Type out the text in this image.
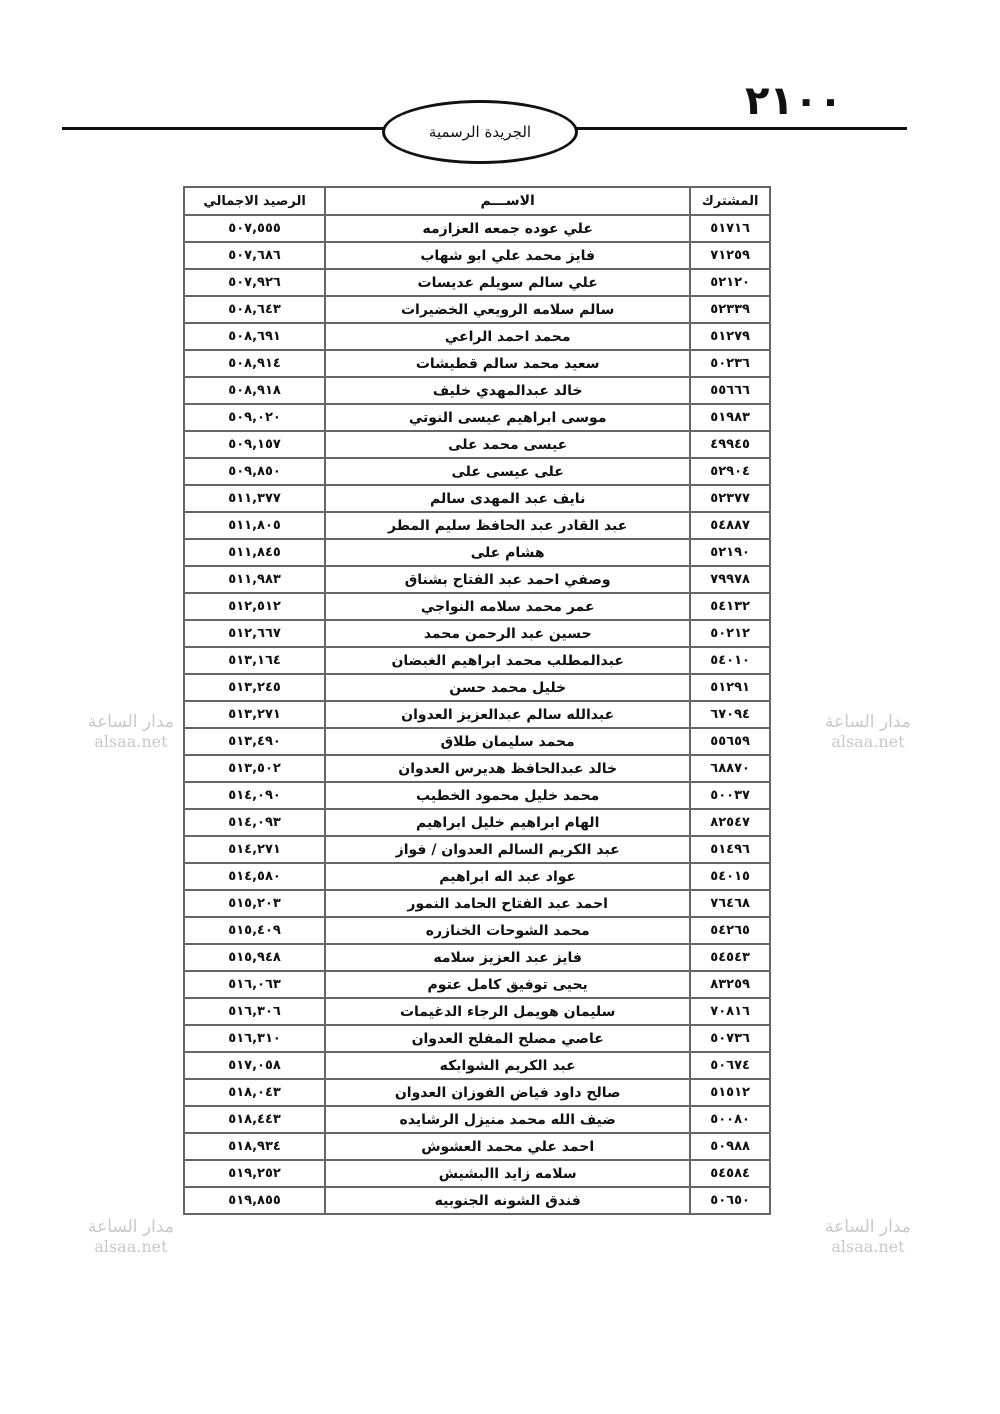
٢١٠٠
الجريدة الرسمية
المشترك	الاســـم	الرصيد الاجمالي
٥١٧١٦	علي عوده جمعه العزازمه	٥٠٧,٥٥٥
٧١٢٥٩	فايز محمد علي ابو شهاب	٥٠٧,٦٨٦
٥٢١٢٠	علي سالم سويلم عديسات	٥٠٧,٩٢٦
٥٢٣٣٩	سالم سلامه الرويعي الخضيرات	٥٠٨,٦٤٣
٥١٢٧٩	محمد احمد الراعي	٥٠٨,٦٩١
٥٠٢٣٦	سعيد محمد سالم قطيشات	٥٠٨,٩١٤
٥٥٦٦٦	خالد عبدالمهدي خليف	٥٠٨,٩١٨
٥١٩٨٣	موسى ابراهيم عيسى النوتي	٥٠٩,٠٢٠
٤٩٩٤٥	عيسى محمد على	٥٠٩,١٥٧
٥٢٩٠٤	على عيسى على	٥٠٩,٨٥٠
٥٢٣٧٧	نايف عبد المهدى سالم	٥١١,٣٧٧
٥٤٨٨٧	عبد القادر عبد الحافظ سليم المطر	٥١١,٨٠٥
٥٢١٩٠	هشام على	٥١١,٨٤٥
٧٩٩٧٨	وصفي احمد عبد الفتاح بشناق	٥١١,٩٨٣
٥٤١٣٢	عمر محمد سلامه النواجي	٥١٢,٥١٢
٥٠٢١٢	حسين عبد الرحمن محمد	٥١٢,٦٦٧
٥٤٠١٠	عبدالمطلب محمد ابراهيم الغبضان	٥١٣,١٦٤
٥١٢٩١	خليل محمد حسن	٥١٣,٢٤٥
٦٧٠٩٤	عبدالله سالم عبدالعزيز العدوان	٥١٣,٢٧١
٥٥٦٥٩	محمد سليمان طلاق	٥١٣,٤٩٠
٦٨٨٧٠	خالد عبدالحافظ هديرس العدوان	٥١٣,٥٠٢
٥٠٠٣٧	محمد خليل محمود الخطيب	٥١٤,٠٩٠
٨٢٥٤٧	الهام ابراهيم خليل ابراهيم	٥١٤,٠٩٣
٥١٤٩٦	عبد الكريم السالم العدوان / فواز	٥١٤,٢٧١
٥٤٠١٥	عواد عبد اله ابراهيم	٥١٤,٥٨٠
٧٦٤٦٨	احمد عبد الفتاح الحامد النمور	٥١٥,٢٠٣
٥٤٢٦٥	محمد الشوحات الخنازره	٥١٥,٤٠٩
٥٤٥٤٣	فايز عبد العزيز سلامه	٥١٥,٩٤٨
٨٣٢٥٩	يحيى توفيق كامل عتوم	٥١٦,٠٦٣
٧٠٨١٦	سليمان هويمل الرجاء الدغيمات	٥١٦,٣٠٦
٥٠٧٣٦	عاصي مصلح المفلح العدوان	٥١٦,٣١٠
٥٠٦٧٤	عبد الكريم الشوابكه	٥١٧,٠٥٨
٥١٥١٢	صالح داود فياض الفوزان العدوان	٥١٨,٠٤٣
٥٠٠٨٠	ضيف الله محمد منيزل الرشايده	٥١٨,٤٤٣
٥٠٩٨٨	احمد علي محمد العشوش	٥١٨,٩٣٤
٥٤٥٨٤	سلامه زايد االبشيش	٥١٩,٢٥٢
٥٠٦٥٠	فندق الشونه الجنوبيه	٥١٩,٨٥٥
مدار الساعة
alsaa.net
مدار الساعة
alsaa.net
مدار الساعة
alsaa.net
مدار الساعة
alsaa.net
